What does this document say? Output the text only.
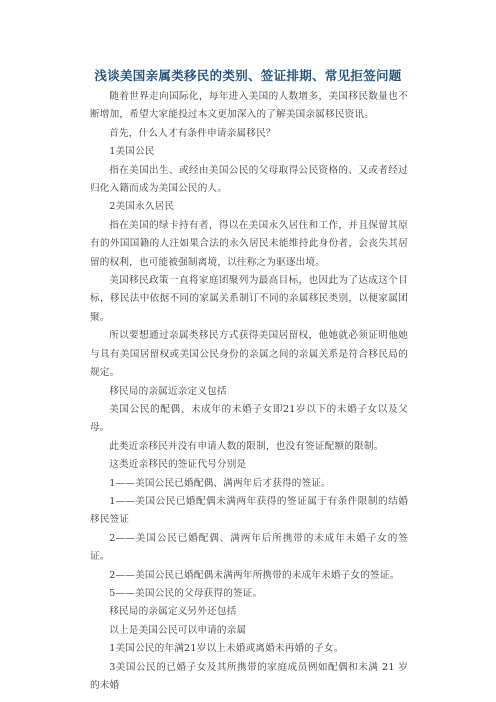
浅谈美国亲属类移民的类别、签证排期、常见拒签问题

随着世界走向国际化，每年进入美国的人数增多，美国移民数量也不断增加，希望大家能投过本文更加深入的了解美国亲属移民资讯。

首先，什么人才有条件申请亲属移民？

1美国公民

指在美国出生、或经由美国公民的父母取得公民资格的、又或者经过归化入籍而成为美国公民的人。

2美国永久居民

指在美国的绿卡持有者，得以在美国永久居住和工作，并且保留其原有的外国国籍的人注如果合法的永久居民未能维持此身份者，会丧失其居留的权利，也可能被强制离境，以往称之为驱逐出境。

美国移民政策一直将家庭团聚列为最高目标，也因此为了达成这个目标，移民法中依据不同的家属关系制订不同的亲属移民类别，以便家属团聚。

所以要想通过亲属类移民方式获得美国居留权，他她就必须证明他她与具有美国居留权或美国公民身份的亲属之间的亲属关系是符合移民局的规定。

移民局的亲属近亲定义包括

美国公民的配偶、未成年的未婚子女即21岁以下的未婚子女以及父母。

此类近亲移民并没有申请人数的限制，也没有签证配额的限制。

这类近亲移民的签证代号分别是

1——美国公民已婚配偶、满两年后才获得的签证。

1——美国公民已婚配偶未满两年获得的签证属于有条件限制的结婚移民签证

2——美国公民已婚配偶、满两年后所携带的未成年未婚子女的签证。

2——美国公民已婚配偶未满两年所携带的未成年未婚子女的签证。

5——美国公民的父母获得的签证。

移民局的亲属定义另外还包括

以上是美国公民可以申请的亲属

1美国公民的年满21岁以上未婚或离婚未再婚的子女。

3美国公民的已婚子女及其所携带的家庭成员例如配偶和未满 21 岁的未婚
